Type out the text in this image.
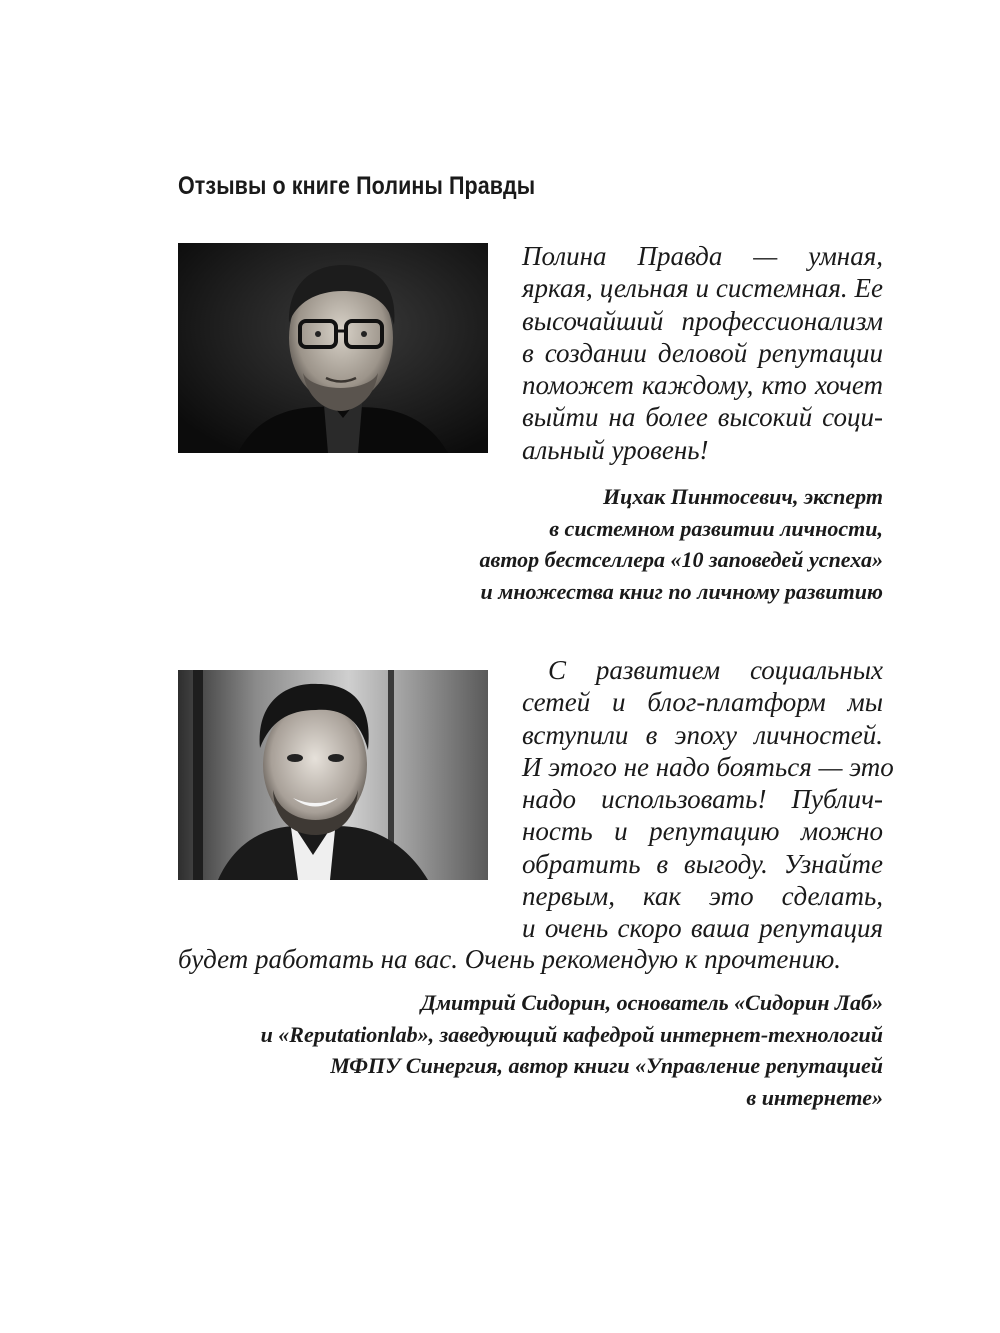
Отзывы о книге Полины Правды
Полина Правда — умная,
яркая, цельная и системная. Ее
высочайший профессионализм
в создании деловой репутации
поможет каждому, кто хочет
выйти на более высокий соци-
альный уровень!
Ицхак Пинтосевич, эксперт
в системном развитии личности,
автор бестселлера «10 заповедей успеха»
и множества книг по личному развитию
С развитием социальных
сетей и блог-платформ мы
вступили в эпоху личностей.
И этого не надо бояться — это
надо использовать! Публич-
ность и репутацию можно
обратить в выгоду. Узнайте
первым, как это сделать,
и очень скоро ваша репутация
будет работать на вас. Очень рекомендую к прочтению.
Дмитрий Сидорин, основатель «Сидорин Лаб»
и «Reputationlab», заведующий кафедрой интернет-технологий
МФПУ Синергия, автор книги «Управление репутацией
в интернете»
